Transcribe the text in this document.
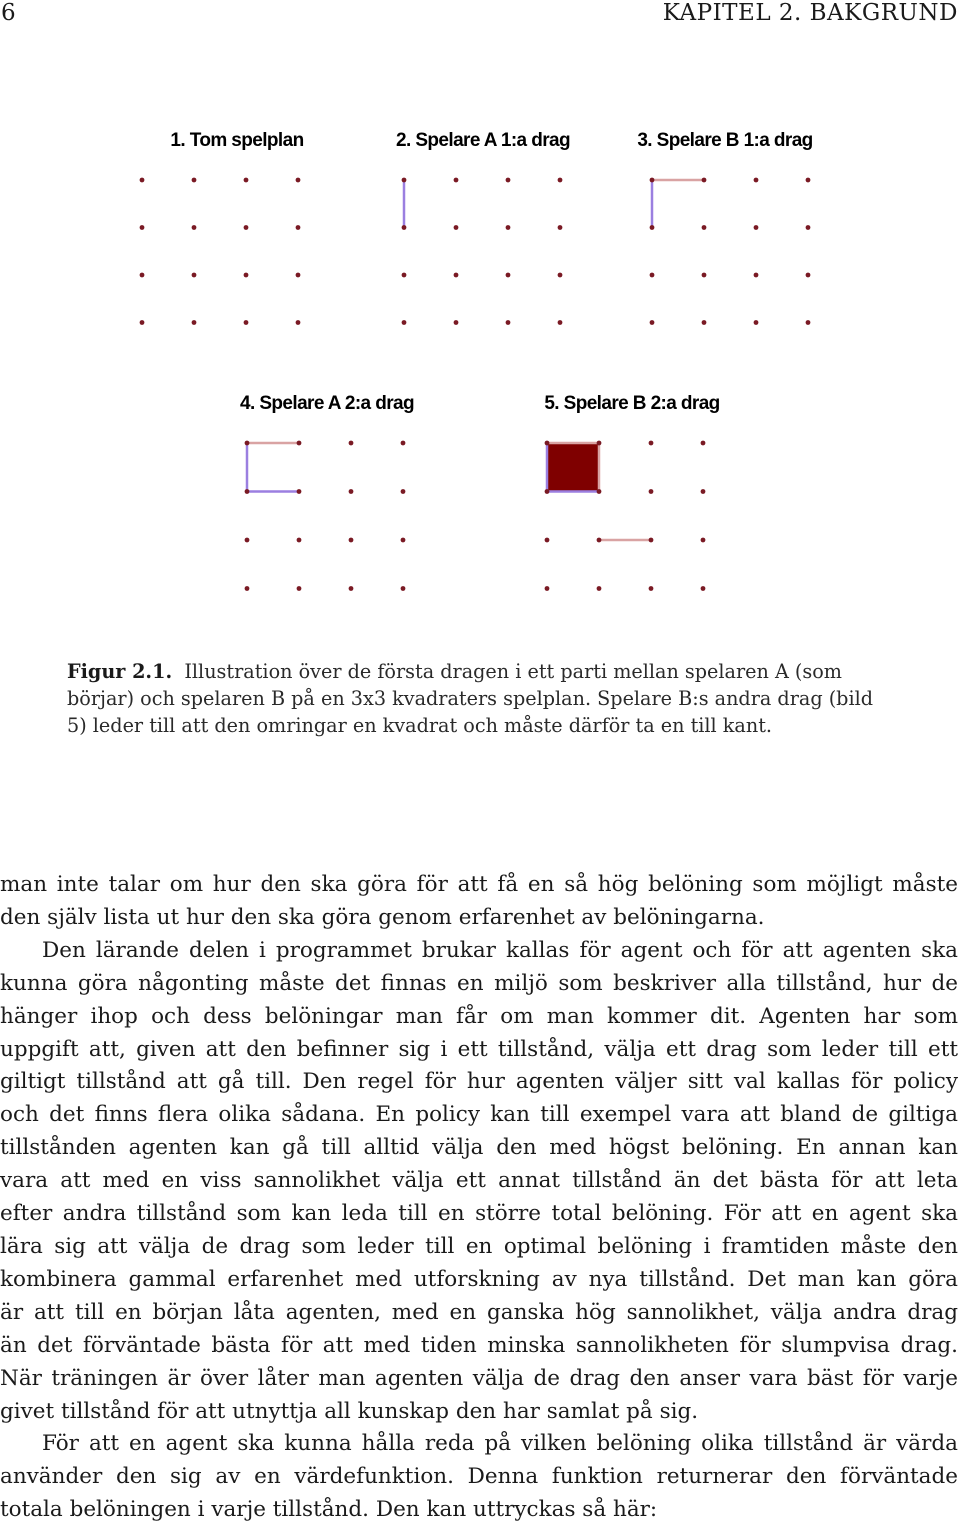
6	KAPITEL 2. BAKGRUND
1. Tom spelplan	2. Spelare A 1:a drag	3. Spelare B 1:a drag
4. Spelare A 2:a drag	5. Spelare B 2:a drag
Figur 2.1. Illustration över de första dragen i ett parti mellan spelaren A (som
börjar) och spelaren B på en 3x3 kvadraters spelplan. Spelare B:s andra drag (bild
5) leder till att den omringar en kvadrat och måste därför ta en till kant.
man inte talar om hur den ska göra för att få en så hög belöning som möjligt måste
den själv lista ut hur den ska göra genom erfarenhet av belöningarna.
Den lärande delen i programmet brukar kallas för agent och för att agenten ska
kunna göra någonting måste det finnas en miljö som beskriver alla tillstånd, hur de
hänger ihop och dess belöningar man får om man kommer dit. Agenten har som
uppgift att, given att den befinner sig i ett tillstånd, välja ett drag som leder till ett
giltigt tillstånd att gå till. Den regel för hur agenten väljer sitt val kallas för policy
och det finns flera olika sådana. En policy kan till exempel vara att bland de giltiga
tillstånden agenten kan gå till alltid välja den med högst belöning. En annan kan
vara att med en viss sannolikhet välja ett annat tillstånd än det bästa för att leta
efter andra tillstånd som kan leda till en större total belöning. För att en agent ska
lära sig att välja de drag som leder till en optimal belöning i framtiden måste den
kombinera gammal erfarenhet med utforskning av nya tillstånd. Det man kan göra
är att till en början låta agenten, med en ganska hög sannolikhet, välja andra drag
än det förväntade bästa för att med tiden minska sannolikheten för slumpvisa drag.
När träningen är över låter man agenten välja de drag den anser vara bäst för varje
givet tillstånd för att utnyttja all kunskap den har samlat på sig.
För att en agent ska kunna hålla reda på vilken belöning olika tillstånd är värda
använder den sig av en värdefunktion. Denna funktion returnerar den förväntade
totala belöningen i varje tillstånd. Den kan uttryckas så här:
